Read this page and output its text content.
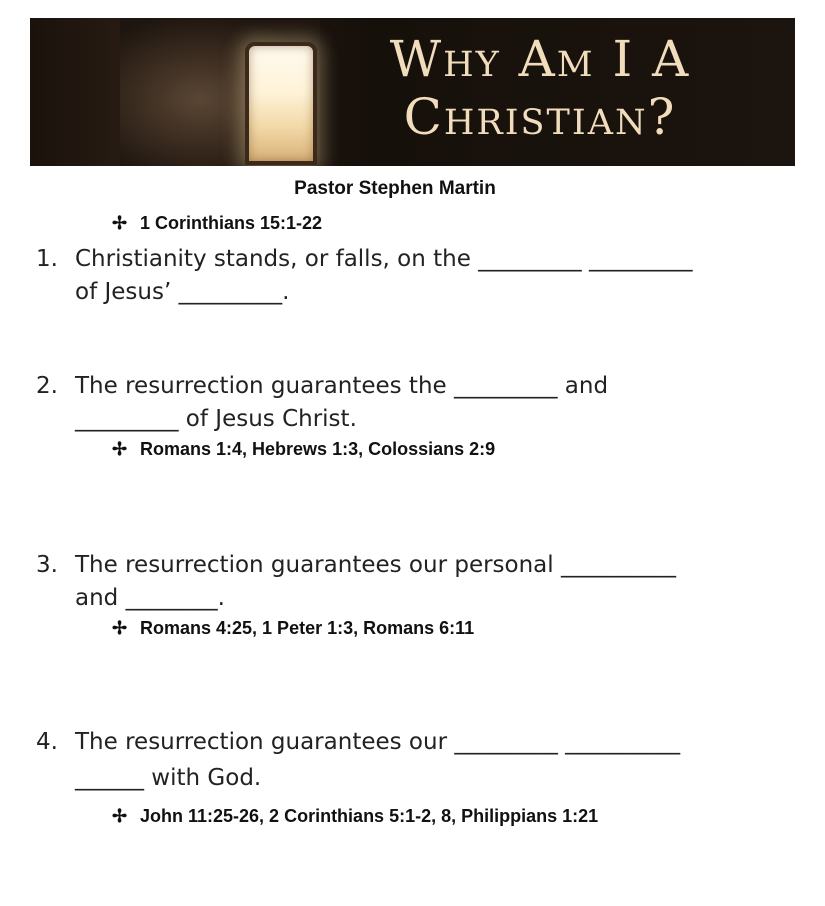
Why Am I A
Christian?
Pastor Stephen Martin
✢ 1 Corinthians 15:1-22
1. Christianity stands, or falls, on the _________ _________
of Jesus’ _________.
2. The resurrection guarantees the _________ and
_________ of Jesus Christ.
✢ Romans 1:4, Hebrews 1:3, Colossians 2:9
3. The resurrection guarantees our personal __________
and ________.
✢ Romans 4:25, 1 Peter 1:3, Romans 6:11
4. The resurrection guarantees our _________ __________
______ with God.
✢ John 11:25-26, 2 Corinthians 5:1-2, 8, Philippians 1:21
